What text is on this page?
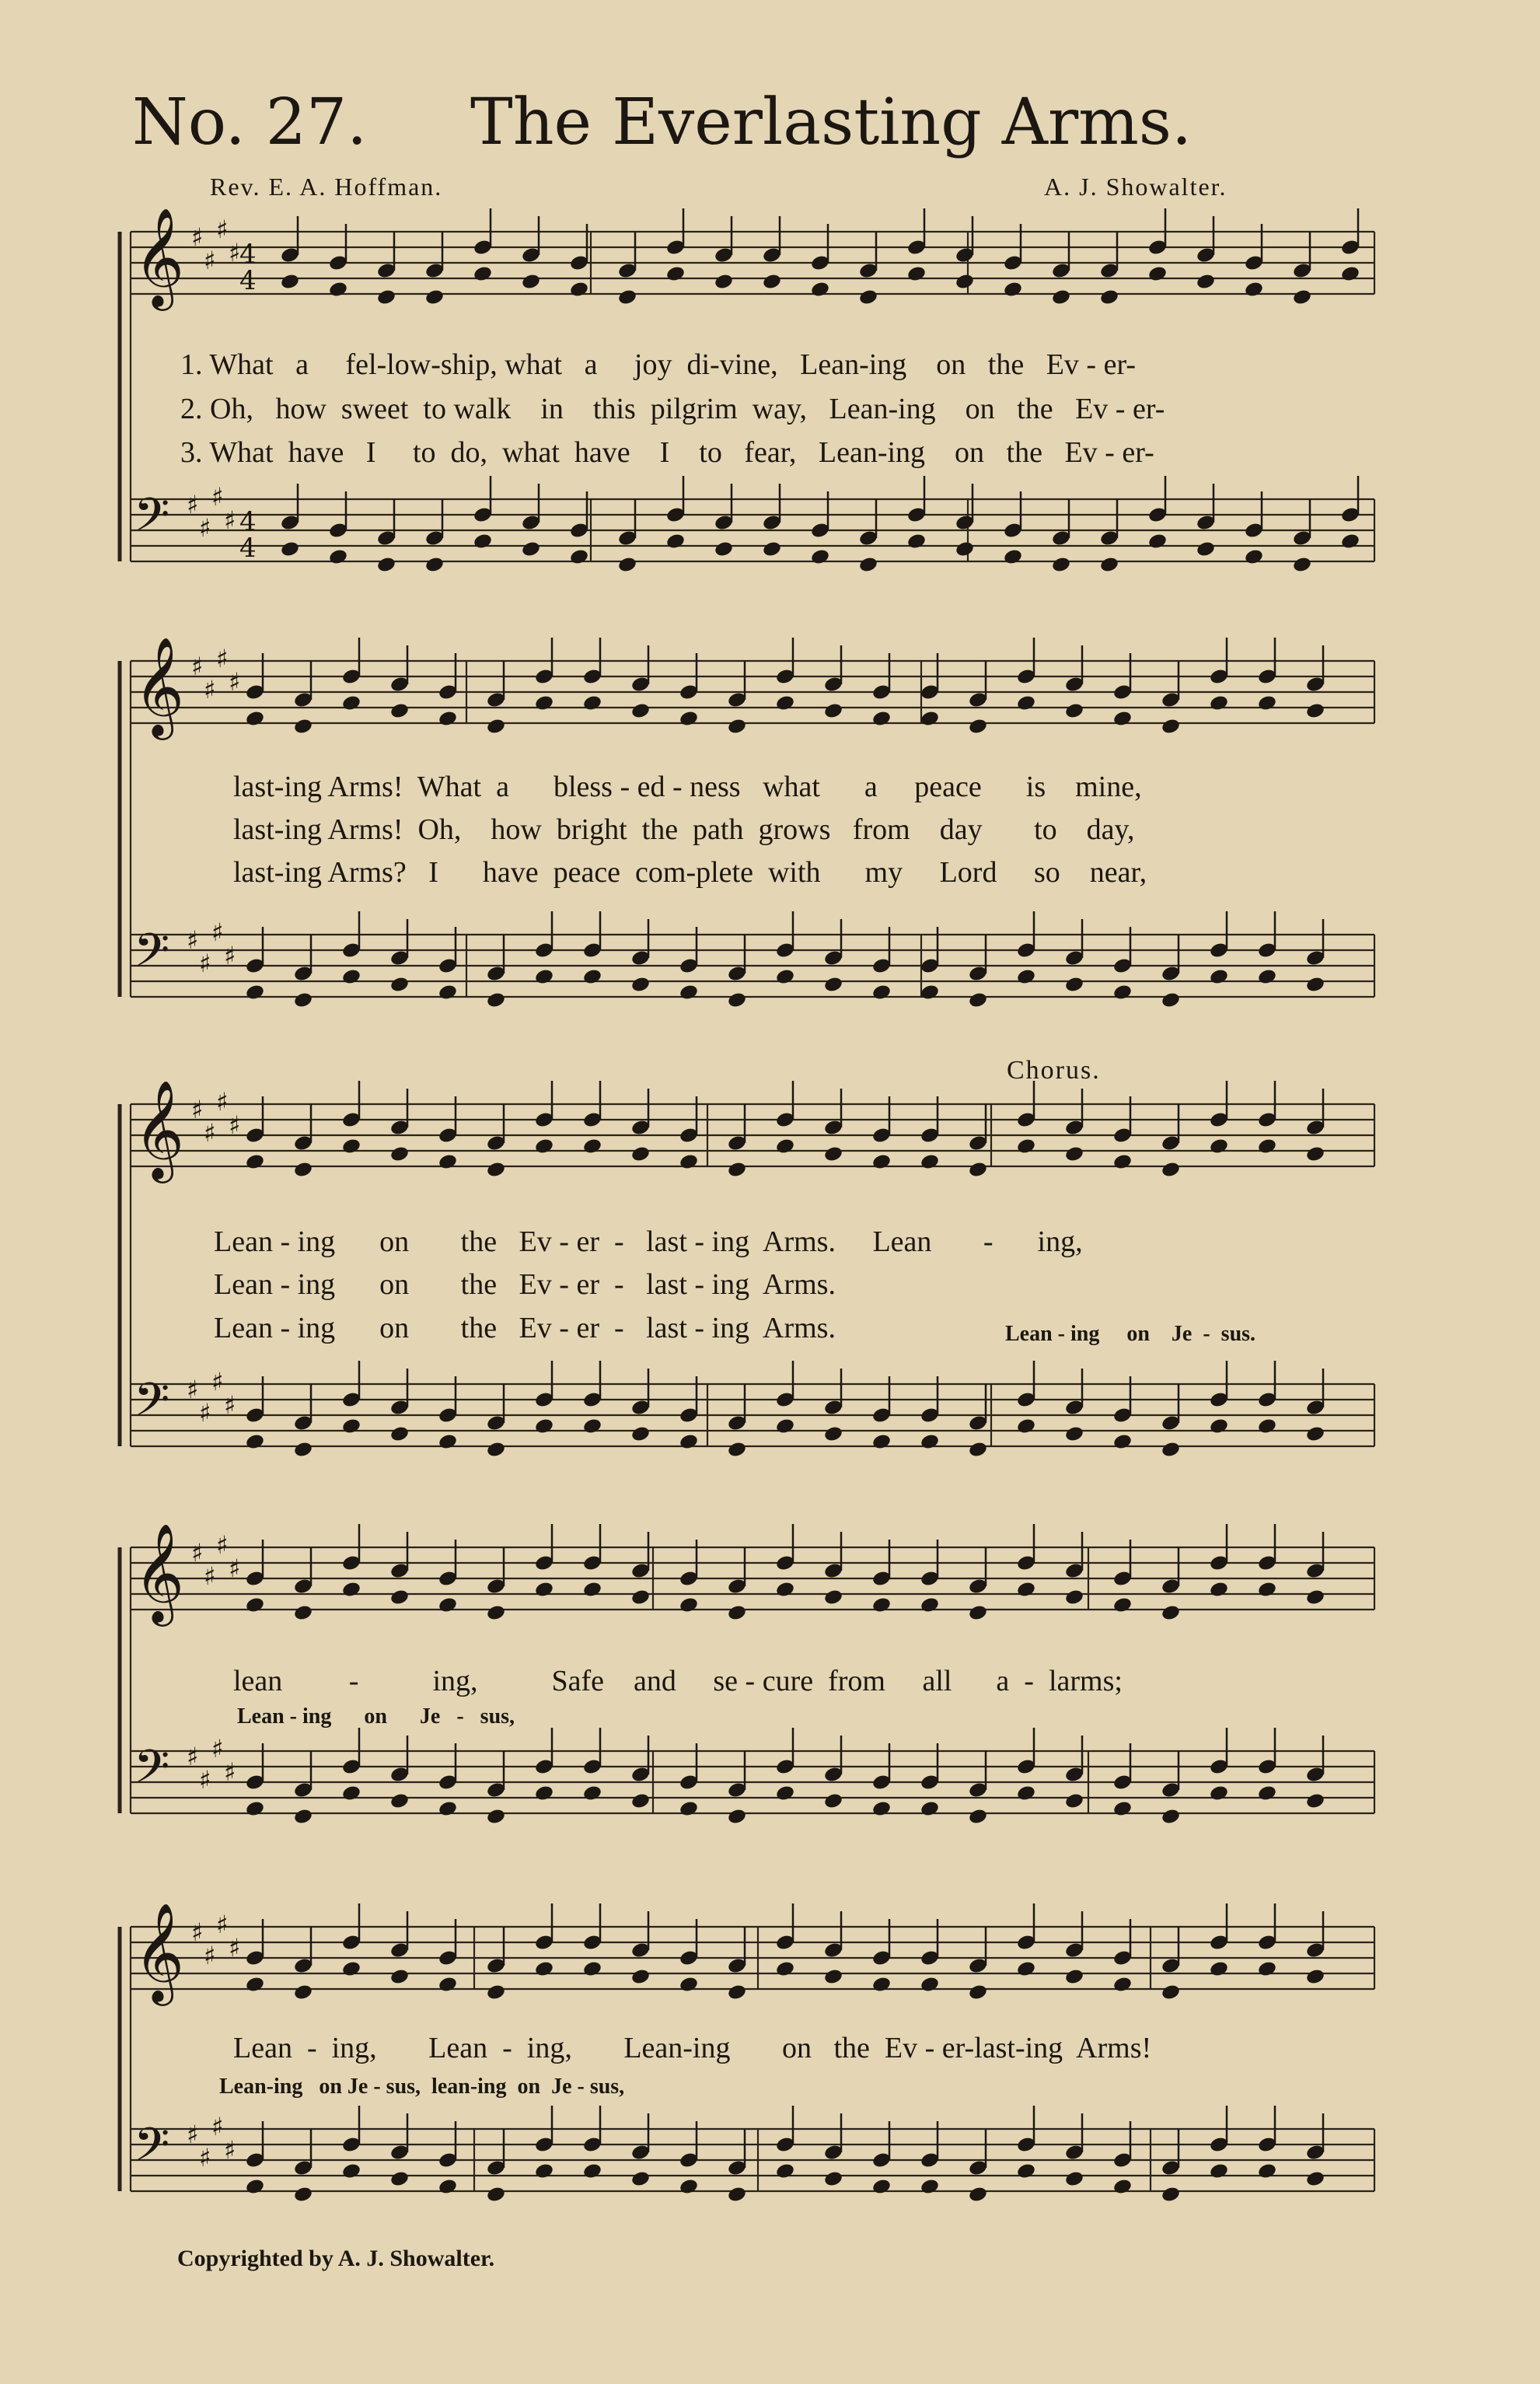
No. 27. The Everlasting Arms.
Rev. E. A. Hoffman.	A. J. Showalter.
𝄞 ♯
♯
♯
♯
4
4
𝄢 ♯
♯
♯
♯ 4
4
𝄞 ♯
♯
♯
♯
𝄢 ♯
♯
♯
♯
𝄞 ♯
♯
♯
♯
𝄢 ♯
♯
♯
♯
𝄞 ♯
♯
♯
♯
𝄢 ♯
♯
♯
♯
𝄞 ♯
♯
♯
♯
𝄢 ♯
♯
♯
♯
1. What   a     fel-low-ship, what   a     joy  di-vine,   Lean-ing    on   the   Ev - er-
2. Oh,   how  sweet  to walk    in    this  pilgrim  way,   Lean-ing    on   the   Ev - er-
3. What  have   I     to  do,  what  have    I    to   fear,   Lean-ing    on   the   Ev - er-
last-ing Arms!  What  a      bless - ed - ness   what      a     peace      is    mine,
last-ing Arms!  Oh,    how  bright  the  path  grows   from    day       to    day,
last-ing Arms?   I      have  peace  com-plete  with      my     Lord     so    near,
Chorus.
Lean - ing      on       the   Ev - er  -   last - ing  Arms.     Lean       -      ing,
Lean - ing      on       the   Ev - er  -   last - ing  Arms.
Lean - ing      on       the   Ev - er  -   last - ing  Arms.	Lean - ing     on    Je  -  sus.
lean         -          ing,          Safe    and     se - cure  from     all      a  -  larms;
Lean - ing      on      Je   -   sus,
Lean  -  ing,       Lean  -  ing,       Lean-ing       on   the  Ev - er-last-ing  Arms!
Lean-ing   on Je - sus,  lean-ing  on  Je - sus,
Copyrighted by A. J. Showalter.
